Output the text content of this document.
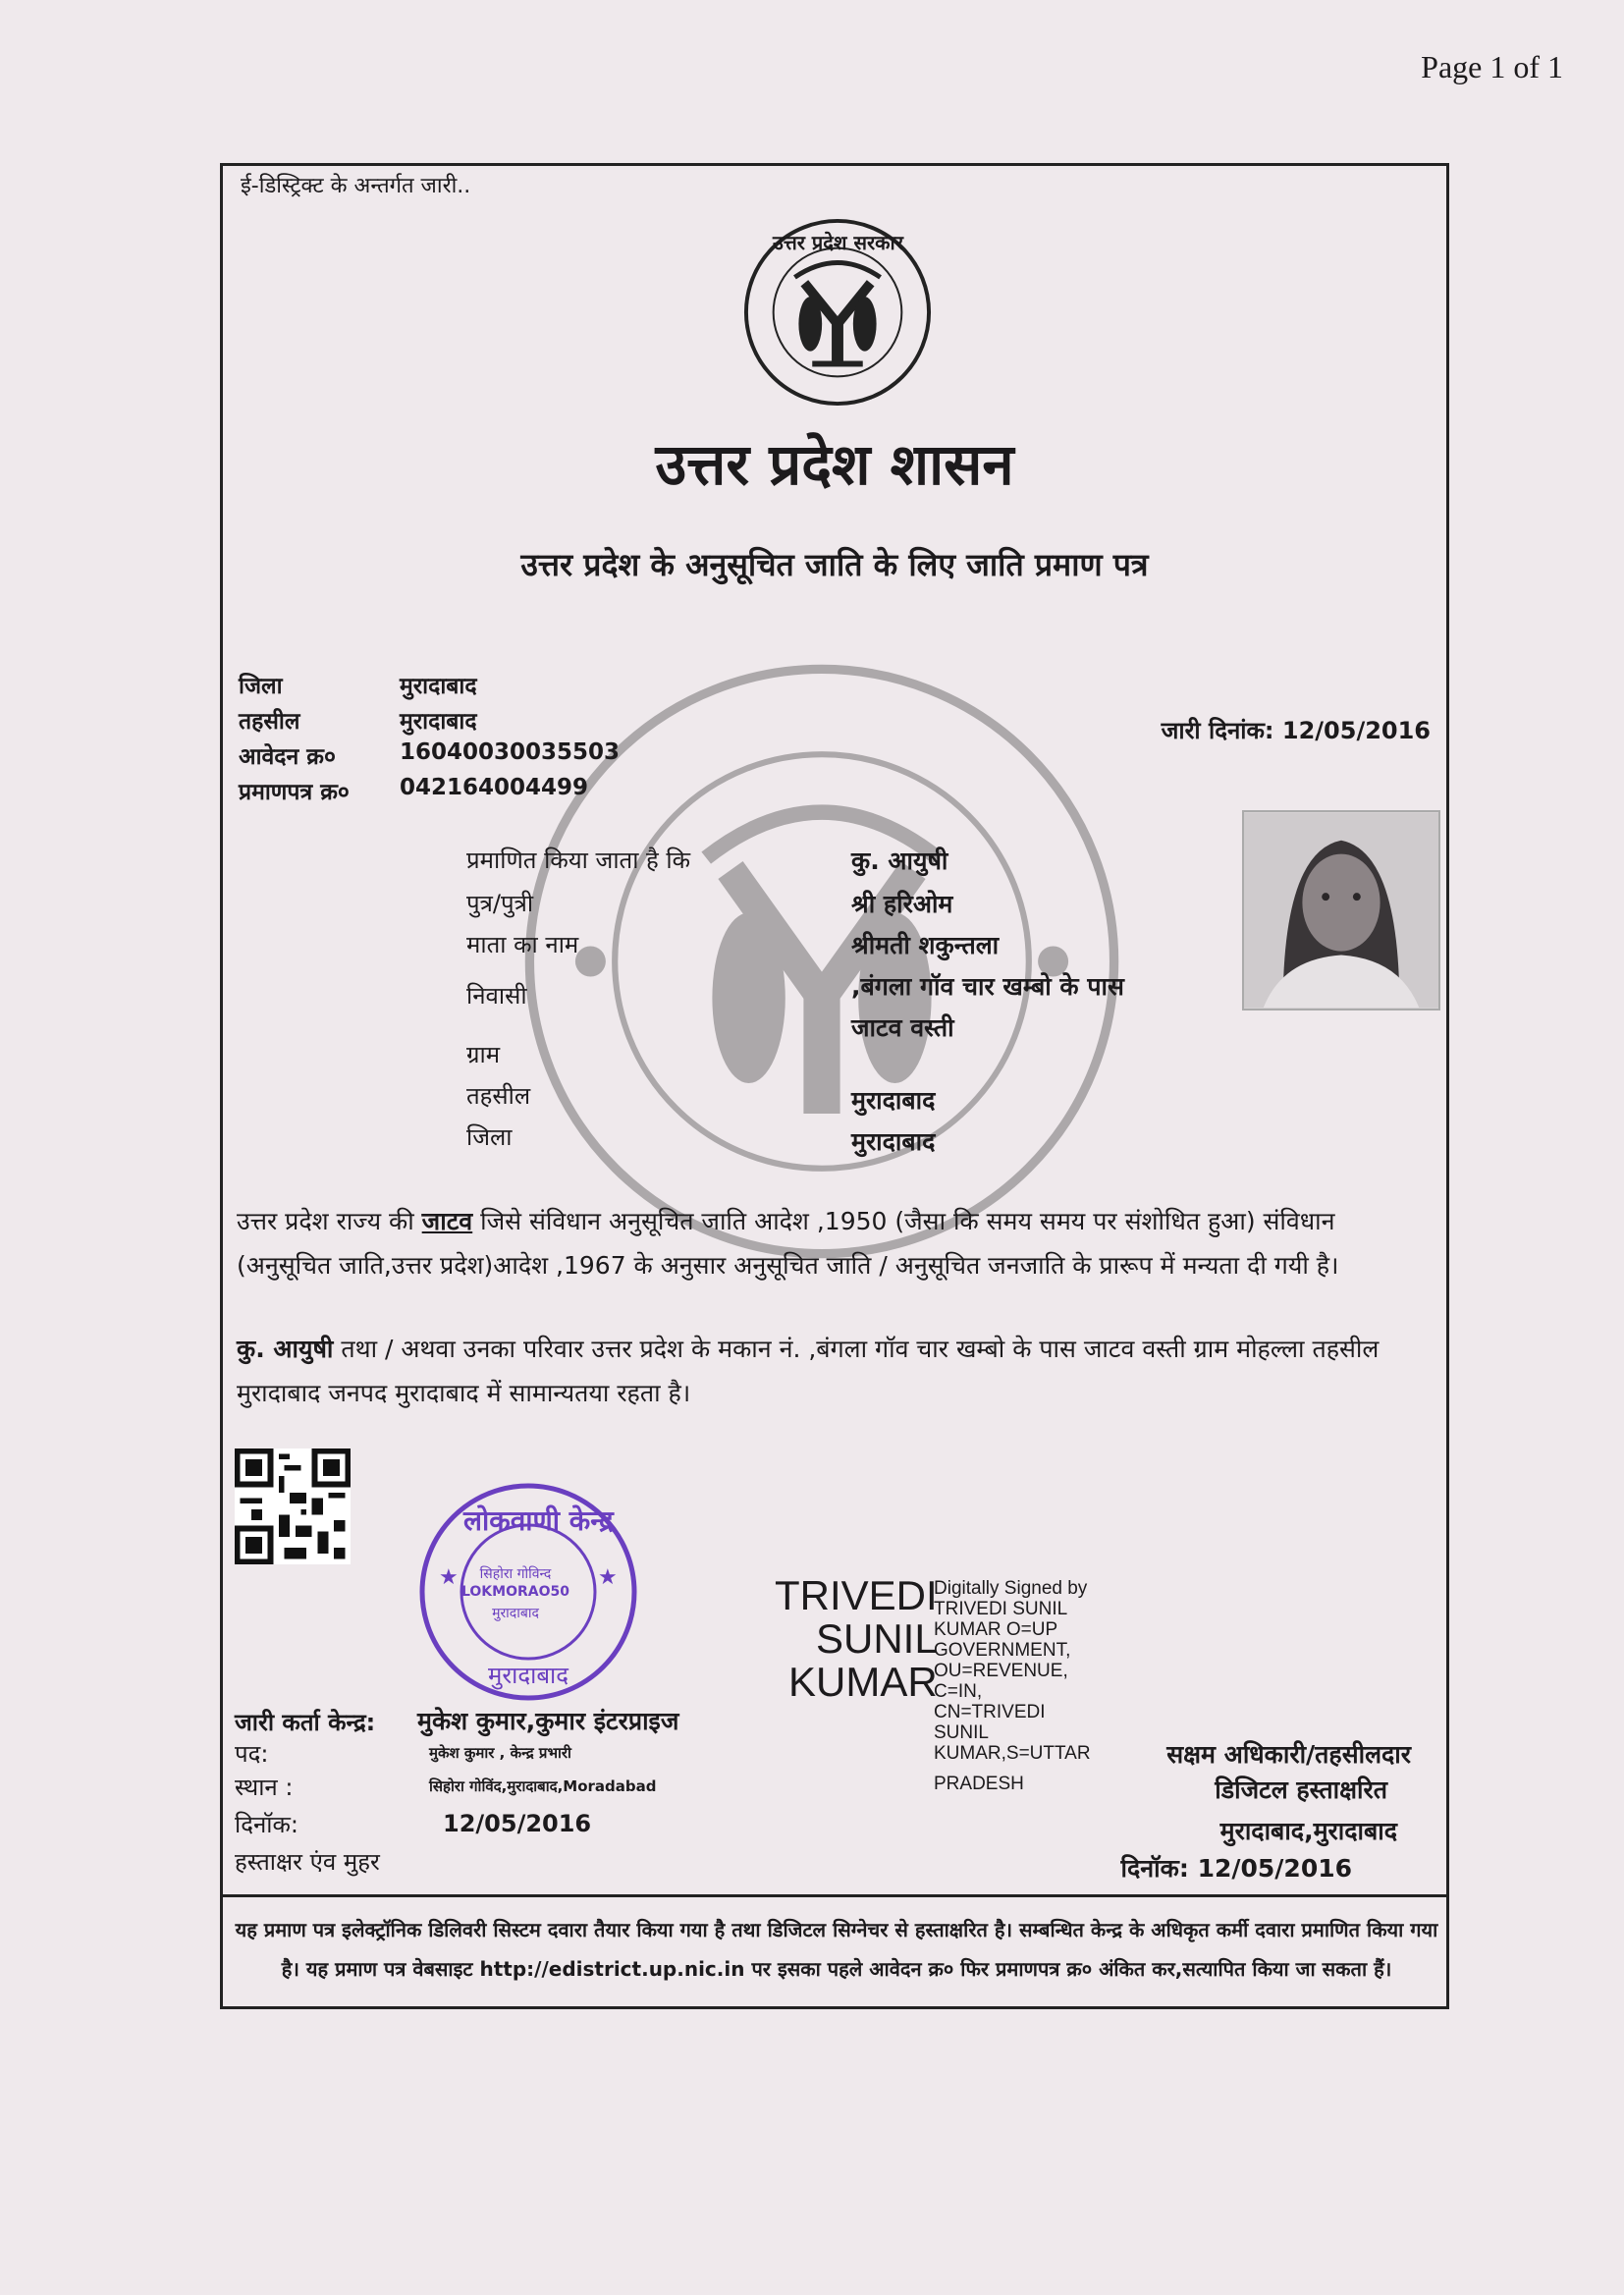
Page 1 of 1
ई-डिस्ट्रिक्ट के अन्तर्गत जारी..
उत्तर प्रदेश सरकार
उत्तर प्रदेश शासन
उत्तर प्रदेश के अनुसूचित जाति के लिए जाति प्रमाण पत्र
जिला	मुरादाबाद
तहसील	मुरादाबाद
आवेदन क्र०	16040030035503
प्रमाणपत्र क्र० 042164004499
जारी दिनांक: 12/05/2016
प्रमाणित किया जाता है कि	कु. आयुषी
पुत्र/पुत्री	श्री हरिओम
माता का नाम	श्रीमती शकुन्तला
निवासी	,बंगला गॉव चार खम्बो के पास
जाटव वस्ती
ग्राम
तहसील	मुरादाबाद
जिला	मुरादाबाद
उत्तर प्रदेश राज्य की जाटव जिसे संविधान अनुसूचित जाति आदेश ,1950 (जैसा कि समय समय पर संशोधित हुआ) संविधान (अनुसूचित जाति,उत्तर प्रदेश)आदेश ,1967 के अनुसार अनुसूचित जाति / अनुसूचित जनजाति के प्रारूप में मन्यता दी गयी है।
कु. आयुषी तथा / अथवा उनका परिवार उत्तर प्रदेश के मकान नं. ,बंगला गॉव चार खम्बो के पास जाटव वस्ती ग्राम मोहल्ला तहसील मुरादाबाद जनपद मुरादाबाद में सामान्यतया रहता है।
★	★
लोकवाणी केन्द्र
सिहोरा गोविन्द
LOKMORAO50
मुरादाबाद
मुरादाबाद
TRIVEDI
SUNIL
KUMAR
Digitally Signed by
TRIVEDI SUNIL
KUMAR O=UP
GOVERNMENT,
OU=REVENUE,
C=IN,
CN=TRIVEDI
SUNIL
KUMAR,S=UTTAR
PRADESH
जारी कर्ता केन्द्र: मुकेश कुमार,कुमार इंटरप्राइज
पद:	मुकेश कुमार , केन्द्र प्रभारी
स्थान :	सिहोरा गोविंद,मुरादाबाद,Moradabad
दिनॉक:	12/05/2016
हस्ताक्षर एंव मुहर
सक्षम अधिकारी/तहसीलदार
डिजिटल हस्ताक्षरित
मुरादाबाद,मुरादाबाद
दिनॉक: 12/05/2016
यह प्रमाण पत्र इलेक्ट्रॉनिक डिलिवरी सिस्टम दवारा तैयार किया गया है तथा डिजिटल सिग्नेचर से हस्ताक्षरित है। सम्बन्धित केन्द्र के अधिकृत कर्मी दवारा प्रमाणित किया गया है। यह प्रमाण पत्र वेबसाइट http://edistrict.up.nic.in पर इसका पहले आवेदन क्र० फिर प्रमाणपत्र क्र० अंकित कर,सत्यापित किया जा सकता हैं।
